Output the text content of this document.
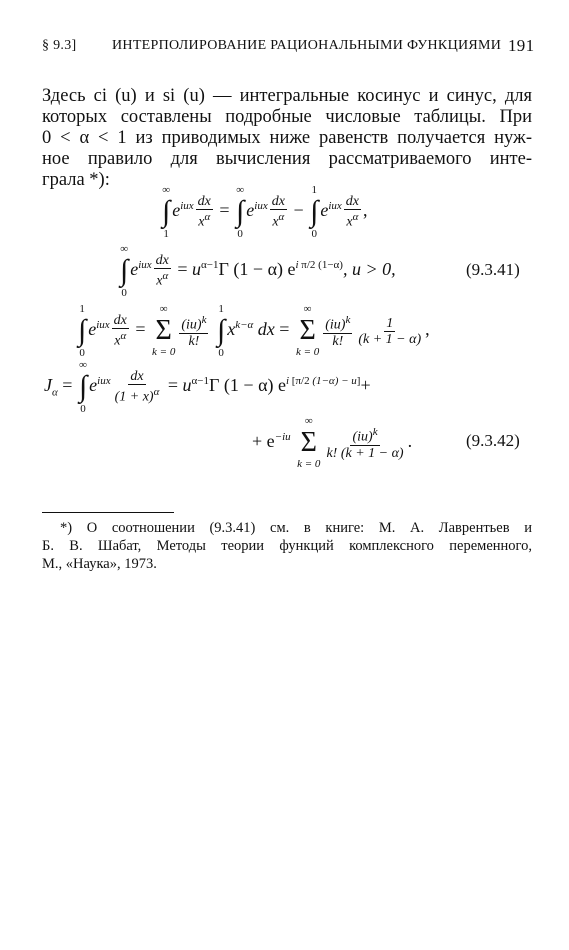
§ 9.3]	ИНТЕРПОЛИРОВАНИЕ РАЦИОНАЛЬНЫМИ ФУНКЦИЯМИ 191
Здесь ci (u) и si (u) — интегральные косинус и синус, для
которых составлены подробные числовые таблицы. При
0 < α < 1 из приводимых ниже равенств получается нуж-
ное правило для вычисления рассматриваемого инте-
грала *):	∞
∫
1
$e^{iux} \frac{dx}{x^\alpha}$ =
∞
∫
0
$e^{iux} \frac{dx}{x^\alpha}$ −
1
∫
0
$e^{iux} \frac{dx}{x^\alpha}$ ,
∞
∫
0
$e^{iux} \frac{dx}{x^\alpha} = u^{\alpha-1}\Gamma$ (1 − α) $e^{i \pi/2 (1-\alpha)}$, u > 0,	(9.3.41)
1
∫
0
$e^{iux} \frac{dx}{x^\alpha}$ =
∞
Σ
k = 0
$\frac{(iu)^k}{k!}$

1
∫
0
$x^{k-\alpha}$ dx =
∞
Σ
k = 0
$\frac{(iu)^k}{k!} \frac{1}{(k + 1 - \alpha)}$ ,
$J_\alpha$ =
∞
∫
0
$e^{iux} \frac{dx}{(1 + x)^\alpha} = u^{\alpha-1}\Gamma$ (1 − α) $e^{i [\pi/2 (1-\alpha) - u]}+$
+ $e^{-iu}$
∞
Σ
k = 0
$\frac{(iu)^k}{k! (k + 1 - \alpha)}$ .	(9.3.42)
*) О соотношении (9.3.41) см. в книге: М. А. Лаврентьев и
Б. В. Шабат, Методы теории функций комплексного переменного,
М., «Наука», 1973.
